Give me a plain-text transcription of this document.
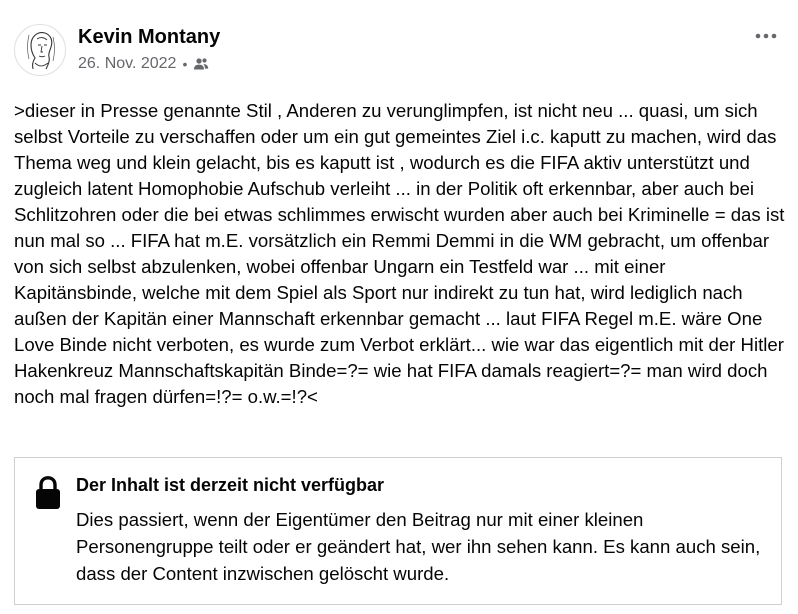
Kevin Montany
26. Nov. 2022 •

>dieser in Presse genannte Stil , Anderen zu verunglimpfen, ist nicht neu ... quasi, um sich selbst Vorteile zu verschaffen oder um ein gut gemeintes Ziel i.c. kaputt zu machen, wird das Thema weg und klein gelacht, bis es kaputt ist , wodurch es die FIFA aktiv unterstützt und zugleich latent Homophobie Aufschub verleiht ... in der Politik oft erkennbar, aber auch bei Schlitzohren oder die bei etwas schlimmes erwischt wurden aber auch bei Kriminelle = das ist nun mal so ... FIFA hat m.E. vorsätzlich ein Remmi Demmi in die WM gebracht, um offenbar von sich selbst abzulenken, wobei offenbar Ungarn ein Testfeld war ... mit einer Kapitänsbinde, welche mit dem Spiel als Sport nur indirekt zu tun hat, wird lediglich nach außen der Kapitän einer Mannschaft erkennbar gemacht ... laut FIFA Regel m.E. wäre One Love Binde nicht verboten, es wurde zum Verbot erklärt... wie war das eigentlich mit der Hitler Hakenkreuz Mannschaftskapitän Binde=?= wie hat FIFA damals reagiert=?= man wird doch noch mal fragen dürfen=!?= o.w.=!?<

Der Inhalt ist derzeit nicht verfügbar

Dies passiert, wenn der Eigentümer den Beitrag nur mit einer kleinen Personengruppe teilt oder er geändert hat, wer ihn sehen kann. Es kann auch sein, dass der Content inzwischen gelöscht wurde.
